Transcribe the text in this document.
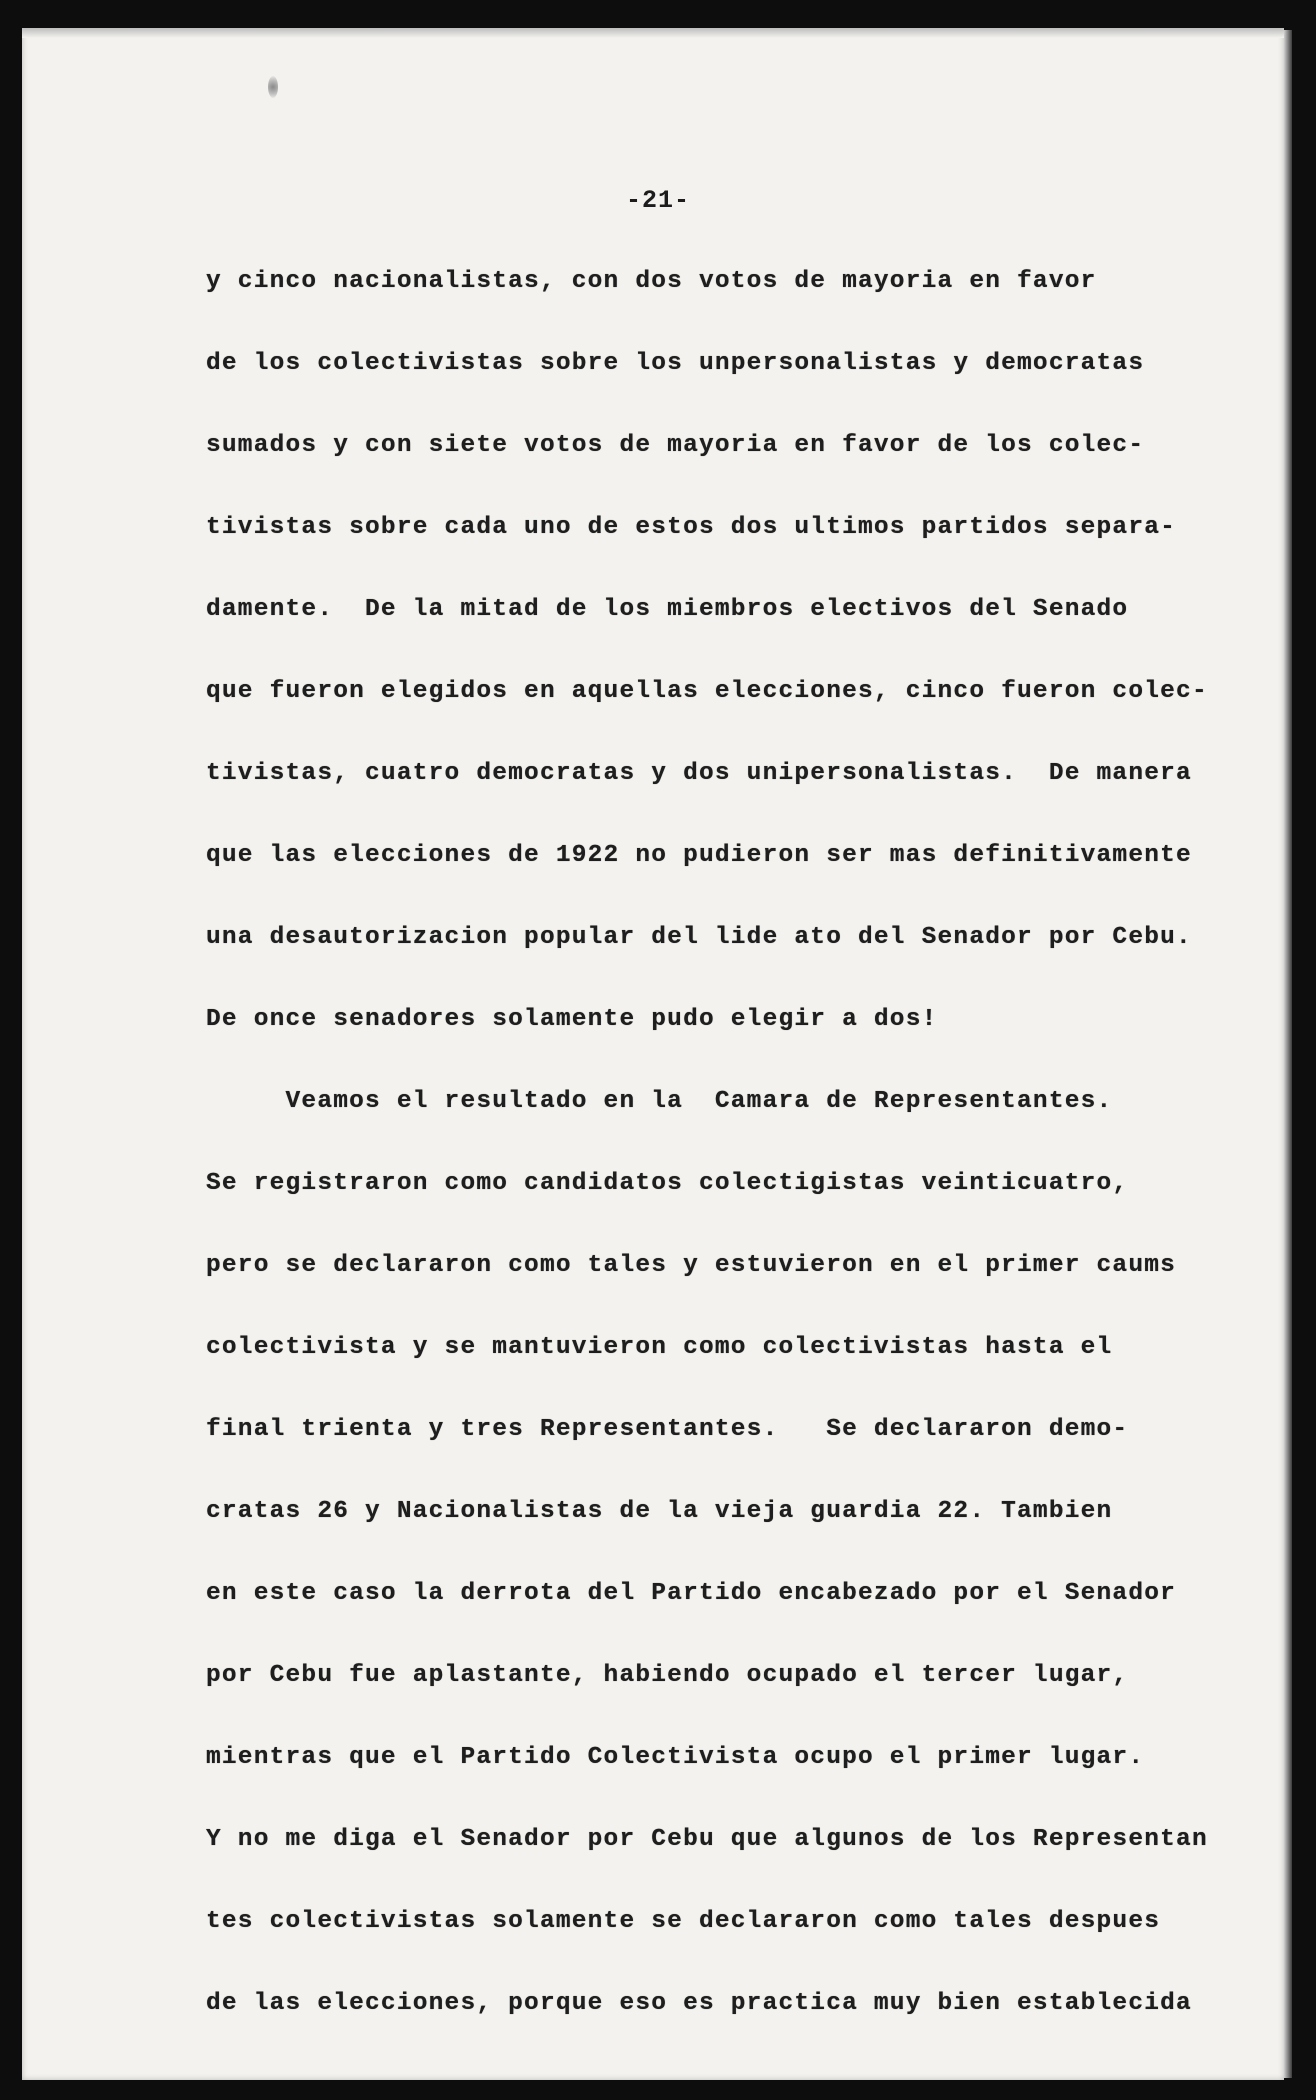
-21-
y cinco nacionalistas, con dos votos de mayoria en favor
de los colectivistas sobre los unpersonalistas y democratas
sumados y con siete votos de mayoria en favor de los colec-
tivistas sobre cada uno de estos dos ultimos partidos separa-
damente.  De la mitad de los miembros electivos del Senado
que fueron elegidos en aquellas elecciones, cinco fueron colec-
tivistas, cuatro democratas y dos unipersonalistas.  De manera
que las elecciones de 1922 no pudieron ser mas definitivamente
una desautorizacion popular del lide ato del Senador por Cebu.
De once senadores solamente pudo elegir a dos!
Veamos el resultado en la  Camara de Representantes.
Se registraron como candidatos colectigistas veinticuatro,
pero se declararon como tales y estuvieron en el primer caums
colectivista y se mantuvieron como colectivistas hasta el
final trienta y tres Representantes.   Se declararon demo-
cratas 26 y Nacionalistas de la vieja guardia 22. Tambien
en este caso la derrota del Partido encabezado por el Senador
por Cebu fue aplastante, habiendo ocupado el tercer lugar,
mientras que el Partido Colectivista ocupo el primer lugar.
Y no me diga el Senador por Cebu que algunos de los Representan
tes colectivistas solamente se declararon como tales despues
de las elecciones, porque eso es practica muy bien establecida
